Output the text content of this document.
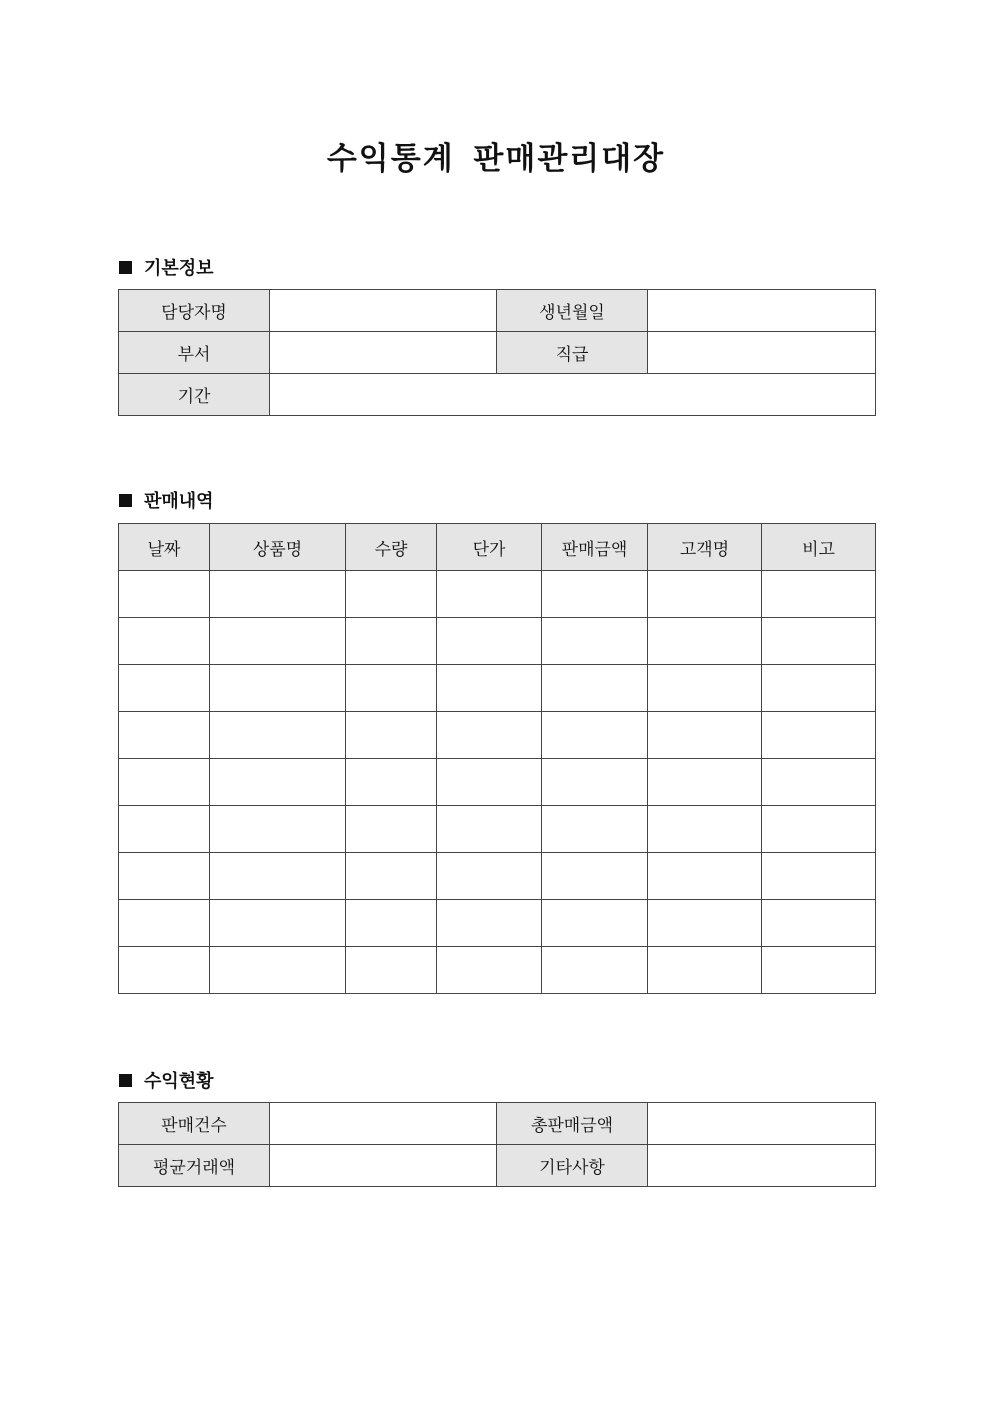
수익통계 판매관리대장
기본정보
담당자명		생년월일	
부서		직급	
기간			
판매내역
날짜	상품명	수량	단가	판매금액	고객명	비고

수익현황
판매건수		총판매금액	
평균거래액		기타사항	
